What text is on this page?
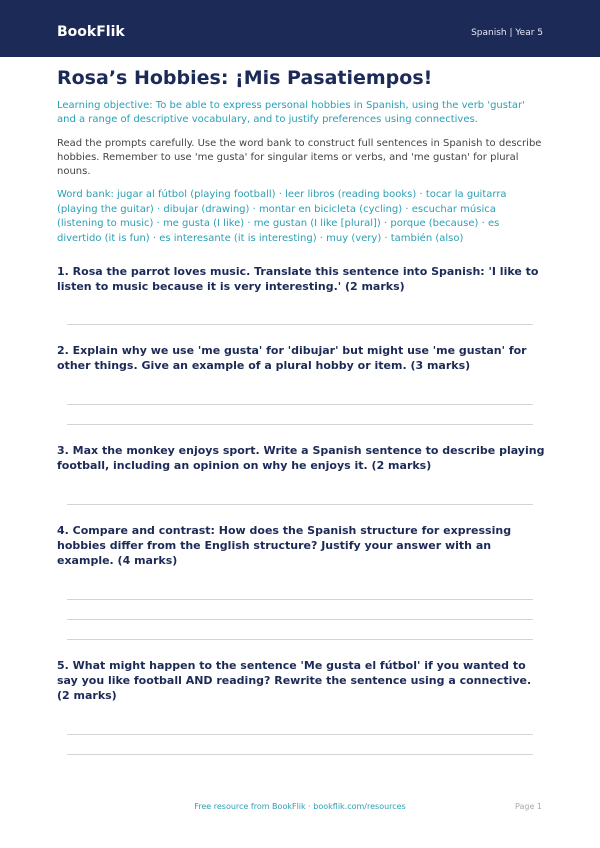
BookFlik	Spanish | Year 5
Rosa’s Hobbies: ¡Mis Pasatiempos!

Learning objective: To be able to express personal hobbies in Spanish, using the verb 'gustar' and a range of descriptive vocabulary, and to justify preferences using connectives.

Read the prompts carefully. Use the word bank to construct full sentences in Spanish to describe hobbies. Remember to use 'me gusta' for singular items or verbs, and 'me gustan' for plural nouns.

Word bank: jugar al fútbol (playing football) · leer libros (reading books) · tocar la guitarra (playing the guitar) · dibujar (drawing) · montar en bicicleta (cycling) · escuchar música (listening to music) · me gusta (I like) · me gustan (I like [plural]) · porque (because) · es divertido (it is fun) · es interesante (it is interesting) · muy (very) · también (also)

1. Rosa the parrot loves music. Translate this sentence into Spanish: 'I like to listen to music because it is very interesting.' (2 marks)
2. Explain why we use 'me gusta' for 'dibujar' but might use 'me gustan' for other things. Give an example of a plural hobby or item. (3 marks)
3. Max the monkey enjoys sport. Write a Spanish sentence to describe playing football, including an opinion on why he enjoys it. (2 marks)
4. Compare and contrast: How does the Spanish structure for expressing hobbies differ from the English structure? Justify your answer with an example. (4 marks)
5. What might happen to the sentence 'Me gusta el fútbol' if you wanted to say you like football AND reading? Rewrite the sentence using a connective. (2 marks)
Free resource from BookFlik · bookflik.com/resources	Page 1
